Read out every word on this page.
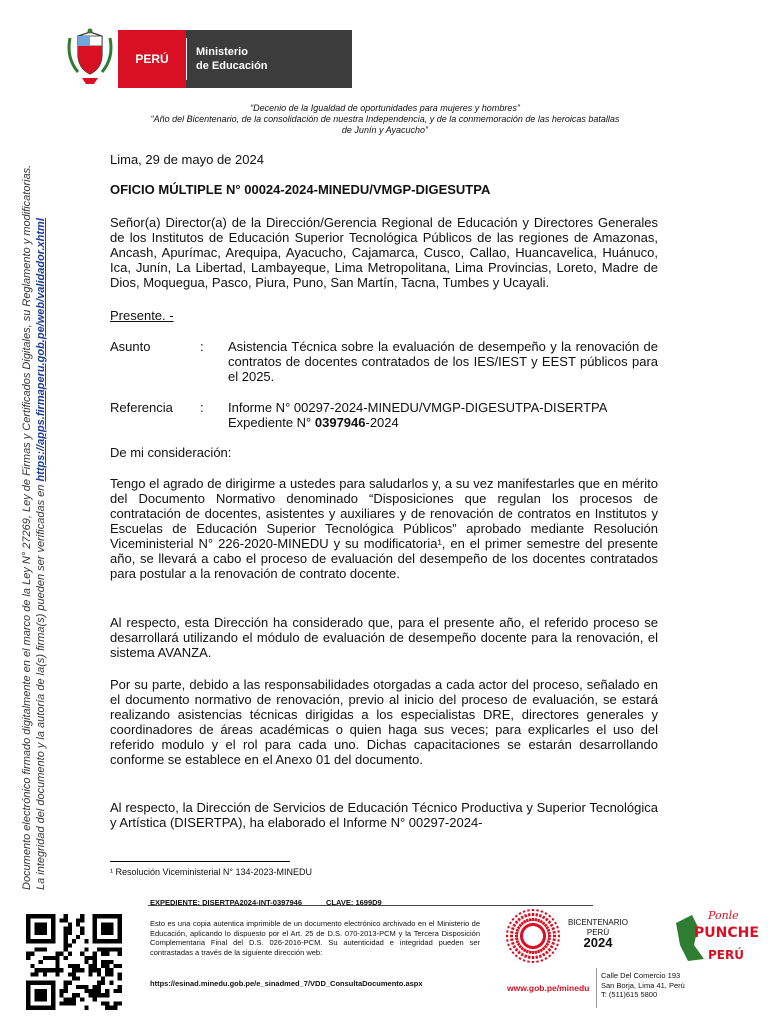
PERÚ Ministerio
de Educación
“Decenio de la Igualdad de oportunidades para mujeres y hombres”
“Año del Bicentenario, de la consolidación de nuestra Independencia, y de la conmemoración de las heroicas batallas
de Junín y Ayacucho”
Documento electrónico firmado digitalmente en el marco de la Ley N° 27269, Ley de Firmas y Certificados Digitales, su Reglamento y modificatorias. La integridad del documento y la autoría de la(s) firma(s) pueden ser verificadas en https://apps.firmaperu.gob.pe/web/validador.xhtml
Lima, 29 de mayo de 2024
OFICIO MÚLTIPLE N° 00024-2024-MINEDU/VMGP-DIGESUTPA
Señor(a) Director(a) de la Dirección/Gerencia Regional de Educación y Directores Generales de los Institutos de Educación Superior Tecnológica Públicos de las regiones de Amazonas, Ancash, Apurímac, Arequipa, Ayacucho, Cajamarca, Cusco, Callao, Huancavelica, Huánuco, Ica, Junín, La Libertad, Lambayeque, Lima Metropolitana, Lima Provincias, Loreto, Madre de Dios, Moquegua, Pasco, Piura, Puno, San Martín, Tacna, Tumbes y Ucayali.
Presente. -
Asunto	: Asistencia Técnica sobre la evaluación de desempeño y la renovación de contratos de docentes contratados de los IES/IEST y EEST públicos para el 2025.
Referencia	: Informe N° 00297-2024-MINEDU/VMGP-DIGESUTPA-DISERTPA
Expediente N° 0397946-2024
De mi consideración:
Tengo el agrado de dirigirme a ustedes para saludarlos y, a su vez manifestarles que en mérito del Documento Normativo denominado “Disposiciones que regulan los procesos de contratación de docentes, asistentes y auxiliares y de renovación de contratos en Institutos y Escuelas de Educación Superior Tecnológica Públicos” aprobado mediante Resolución Viceministerial N° 226-2020-MINEDU y su modificatoria¹, en el primer semestre del presente año, se llevará a cabo el proceso de evaluación del desempeño de los docentes contratados para postular a la renovación de contrato docente.
Al respecto, esta Dirección ha considerado que, para el presente año, el referido proceso se desarrollará utilizando el módulo de evaluación de desempeño docente para la renovación, el sistema AVANZA.
Por su parte, debido a las responsabilidades otorgadas a cada actor del proceso, señalado en el documento normativo de renovación, previo al inicio del proceso de evaluación, se estará realizando asistencias técnicas dirigidas a los especialistas DRE, directores generales y coordinadores de áreas académicas o quien haga sus veces; para explicarles el uso del referido modulo y el rol para cada uno. Dichas capacitaciones se estarán desarrollando conforme se establece en el Anexo 01 del documento.
Al respecto, la Dirección de Servicios de Educación Técnico Productiva y Superior Tecnológica y Artística (DISERTPA), ha elaborado el Informe N° 00297-2024-
¹ Resolución Viceministerial N° 134-2023-MINEDU
EXPEDIENTE: DISERTPA2024-INT-0397946	CLAVE: 1699D9
Esto es una copia autentica imprimible de un documento electrónico archivado en el Ministerio de Educación, aplicando lo dispuesto por el Art. 25 de D.S. 070-2013-PCM y la Tercera Disposición Complementaria Final del D.S. 026-2016-PCM. Su autenticidad e integridad pueden ser contrastadas a través de la siguiente dirección web:
https://esinad.minedu.gob.pe/e_sinadmed_7/VDD_ConsultaDocumento.aspx
BICENTENARIO
PERÚ
2024
Ponle
PUNCHE
PERÚ
www.gob.pe/minedu
Calle Del Comercio 193
San Borja, Lima 41, Perú
T: (511)615 5800
